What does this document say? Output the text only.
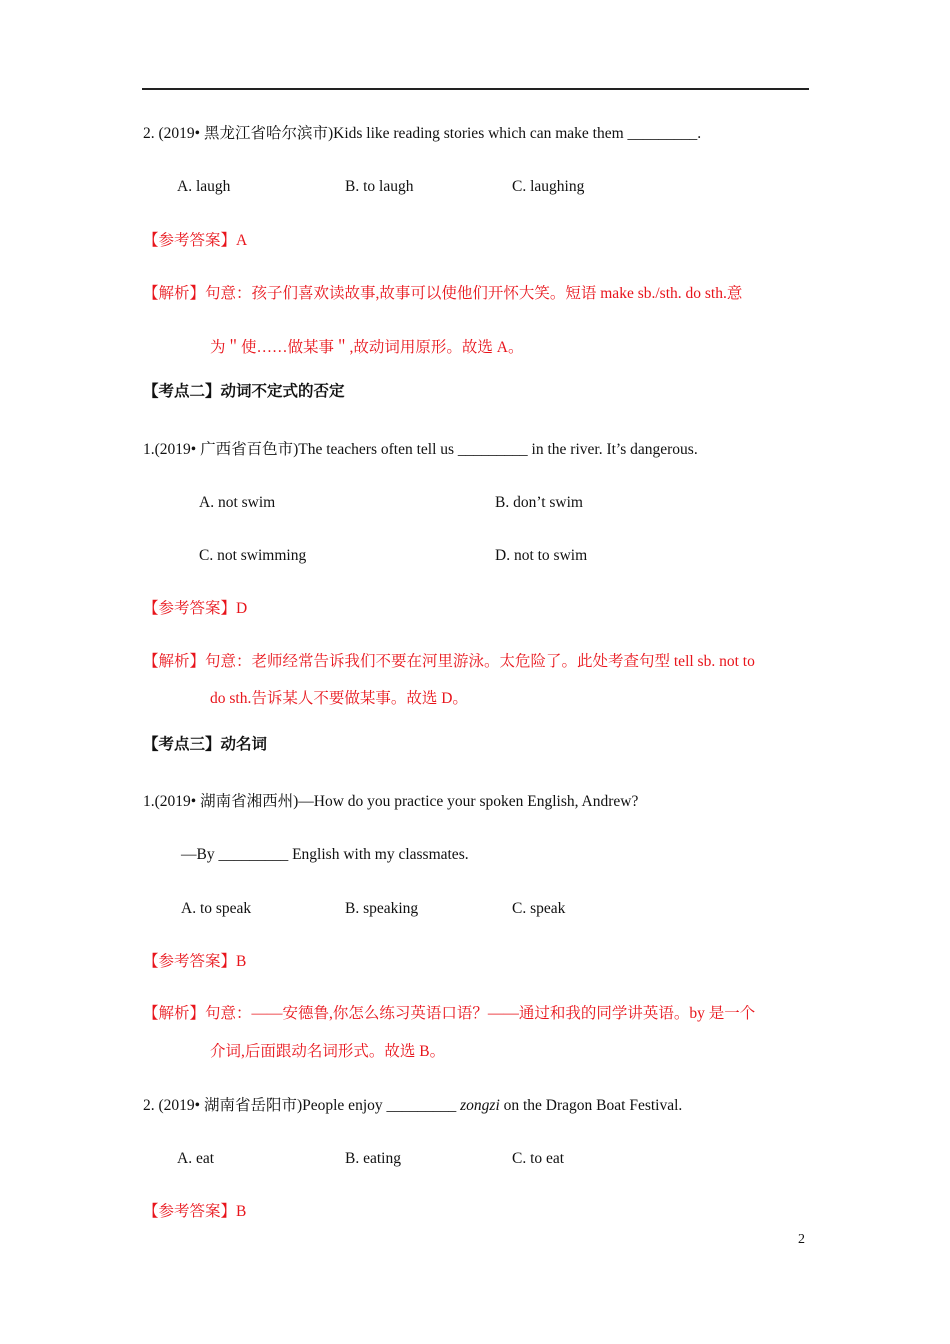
2. (2019• 黑龙江省哈尔滨市)Kids like reading stories which can make them _________.
A. laugh	B. to laugh	C. laughing
【参考答案】A
【解析】句意：孩子们喜欢读故事,故事可以使他们开怀大笑。短语 make sb./sth. do sth.意
为＂使……做某事＂,故动词用原形。故选 A。
【考点二】动词不定式的否定
1.(2019• 广西省百色市)The teachers often tell us _________ in the river. It’s dangerous.
A. not swim	B. don’t swim
C. not swimming	D. not to swim
【参考答案】D
【解析】句意：老师经常告诉我们不要在河里游泳。太危险了。此处考查句型 tell sb. not to
do sth.告诉某人不要做某事。故选 D。
【考点三】动名词
1.(2019• 湖南省湘西州)—How do you practice your spoken English, Andrew?
—By _________ English with my classmates.
A. to speak	B. speaking	C. speak
【参考答案】B
【解析】句意：——安德鲁,你怎么练习英语口语？——通过和我的同学讲英语。by 是一个
介词,后面跟动名词形式。故选 B。
2. (2019• 湖南省岳阳市)People enjoy _________ zongzi on the Dragon Boat Festival.
A. eat	B. eating	C. to eat
【参考答案】B
2
